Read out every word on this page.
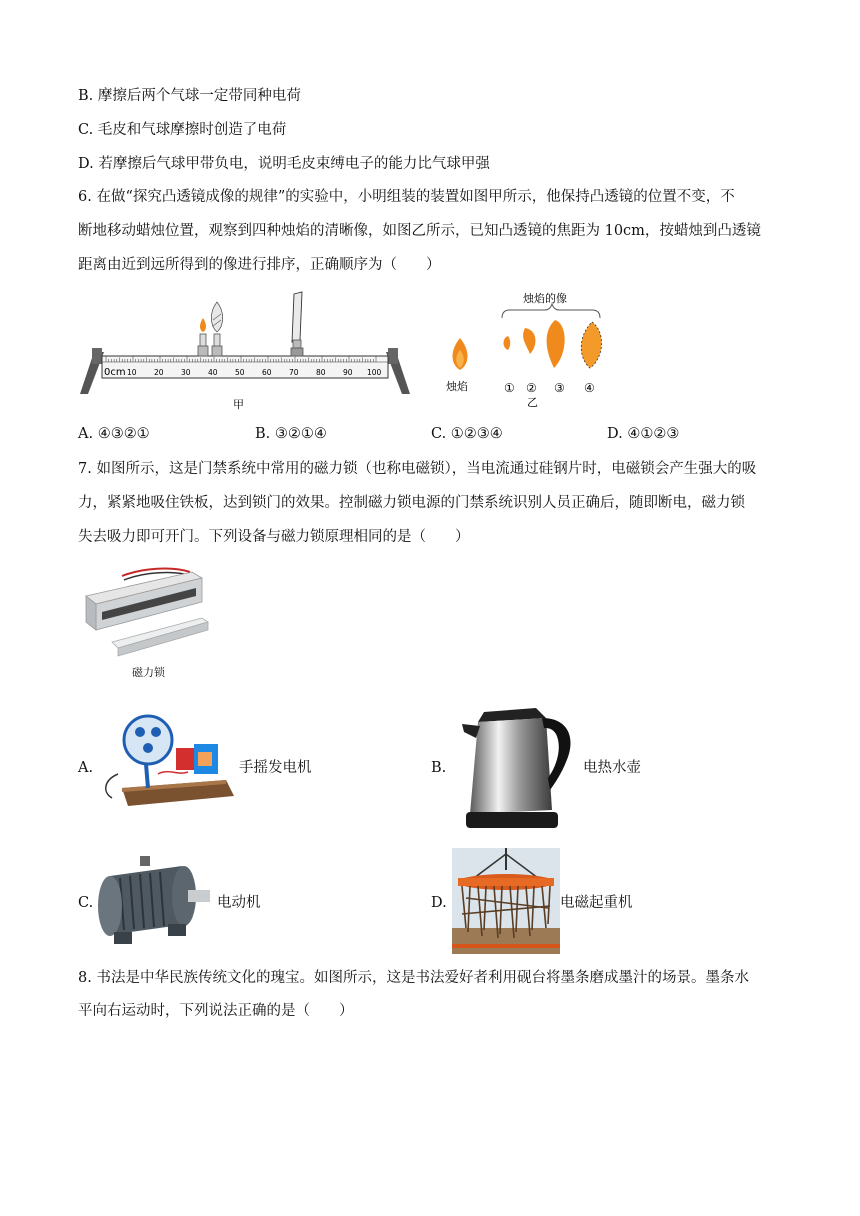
B. 摩擦后两个气球一定带同种电荷
C. 毛皮和气球摩擦时创造了电荷
D. 若摩擦后气球甲带负电，说明毛皮束缚电子的能力比气球甲强
6. 在做“探究凸透镜成像的规律”的实验中，小明组装的装置如图甲所示，他保持凸透镜的位置不变，不
断地移动蜡烛位置，观察到四种烛焰的清晰像，如图乙所示，已知凸透镜的焦距为 10cm，按蜡烛到凸透镜
距离由近到远所得到的像进行排序，正确顺序为（　　）
0cm 10 20 30 40 50 60 70 80 90 100
甲
烛焰的像
烛焰	① ② ③ ④
乙
A. ④③②①	B. ③②①④	C. ①②③④	D. ④①②③
7. 如图所示，这是门禁系统中常用的磁力锁（也称电磁锁），当电流通过硅钢片时，电磁锁会产生强大的吸
力，紧紧地吸住铁板，达到锁门的效果。控制磁力锁电源的门禁系统识别人员正确后，随即断电，磁力锁
失去吸力即可开门。下列设备与磁力锁原理相同的是（　　）
磁力锁
A.	手摇发电机	B.	电热水壶
C.	电动机	D.	电磁起重机
8. 书法是中华民族传统文化的瑰宝。如图所示，这是书法爱好者利用砚台将墨条磨成墨汁的场景。墨条水
平向右运动时，下列说法正确的是（　　）
